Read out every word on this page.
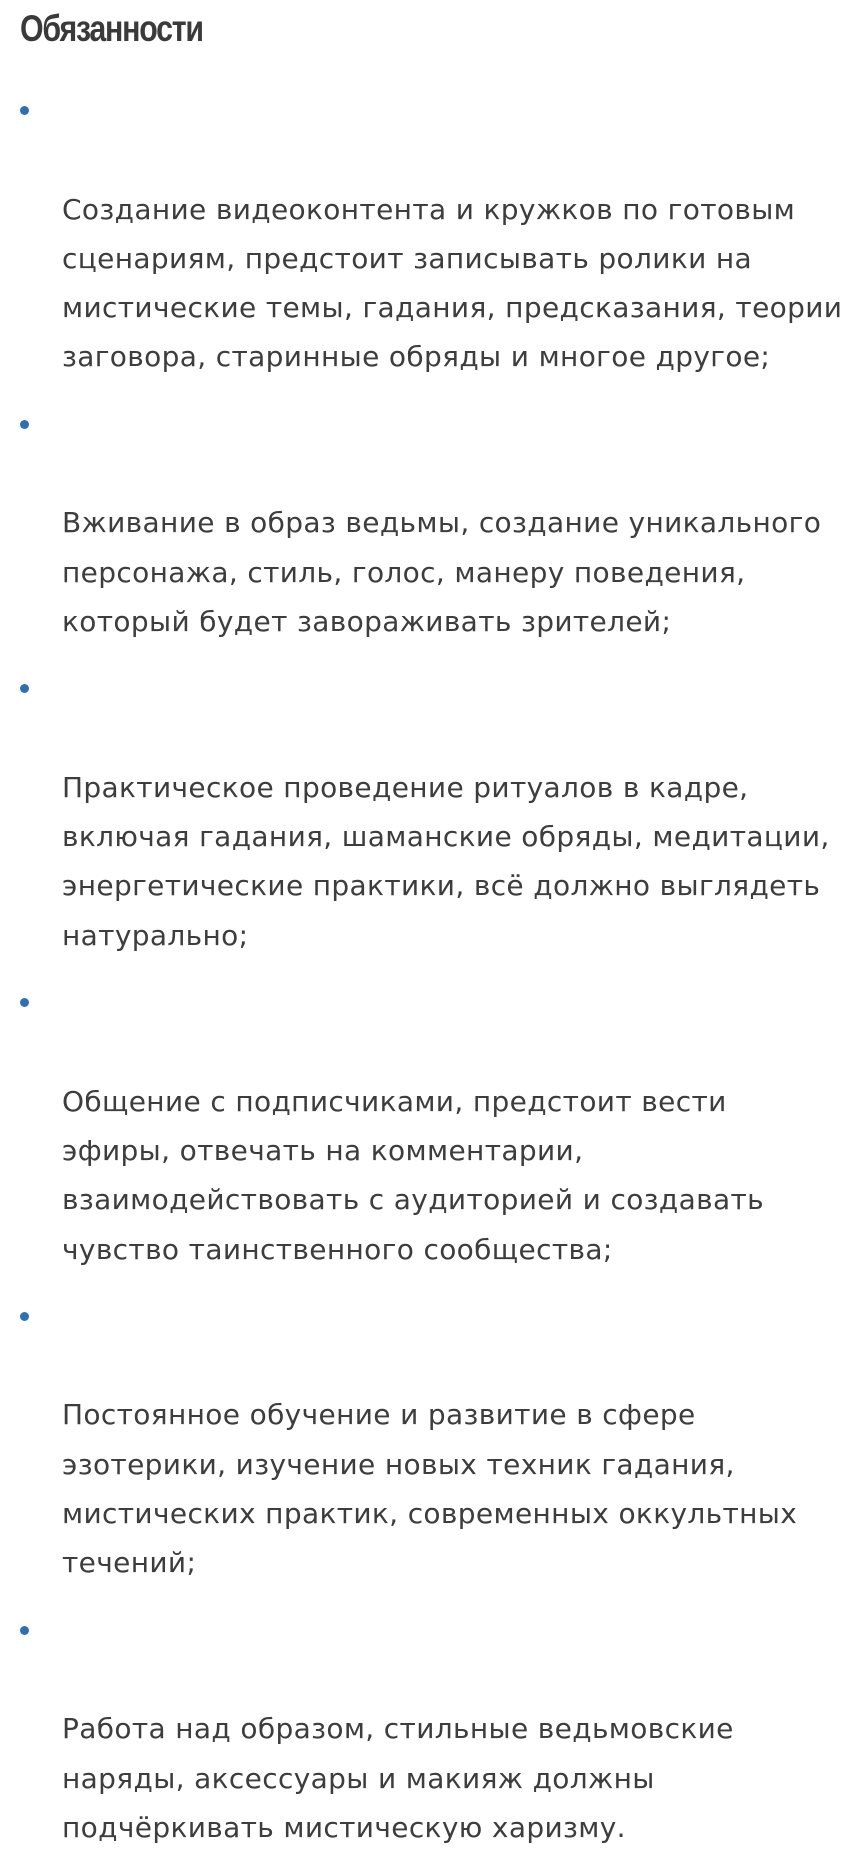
Обязанности

Создание видеоконтента и кружков по готовым
сценариям, предстоит записывать ролики на
мистические темы, гадания, предсказания, теории
заговора, старинные обряды и многое другое;

Вживание в образ ведьмы, создание уникального
персонажа, стиль, голос, манеру поведения,
который будет завораживать зрителей;

Практическое проведение ритуалов в кадре,
включая гадания, шаманские обряды, медитации,
энергетические практики, всё должно выглядеть
натурально;

Общение с подписчиками, предстоит вести
эфиры, отвечать на комментарии,
взаимодействовать с аудиторией и создавать
чувство таинственного сообщества;

Постоянное обучение и развитие в сфере
эзотерики, изучение новых техник гадания,
мистических практик, современных оккультных
течений;

Работа над образом, стильные ведьмовские
наряды, аксессуары и макияж должны
подчёркивать мистическую харизму.
